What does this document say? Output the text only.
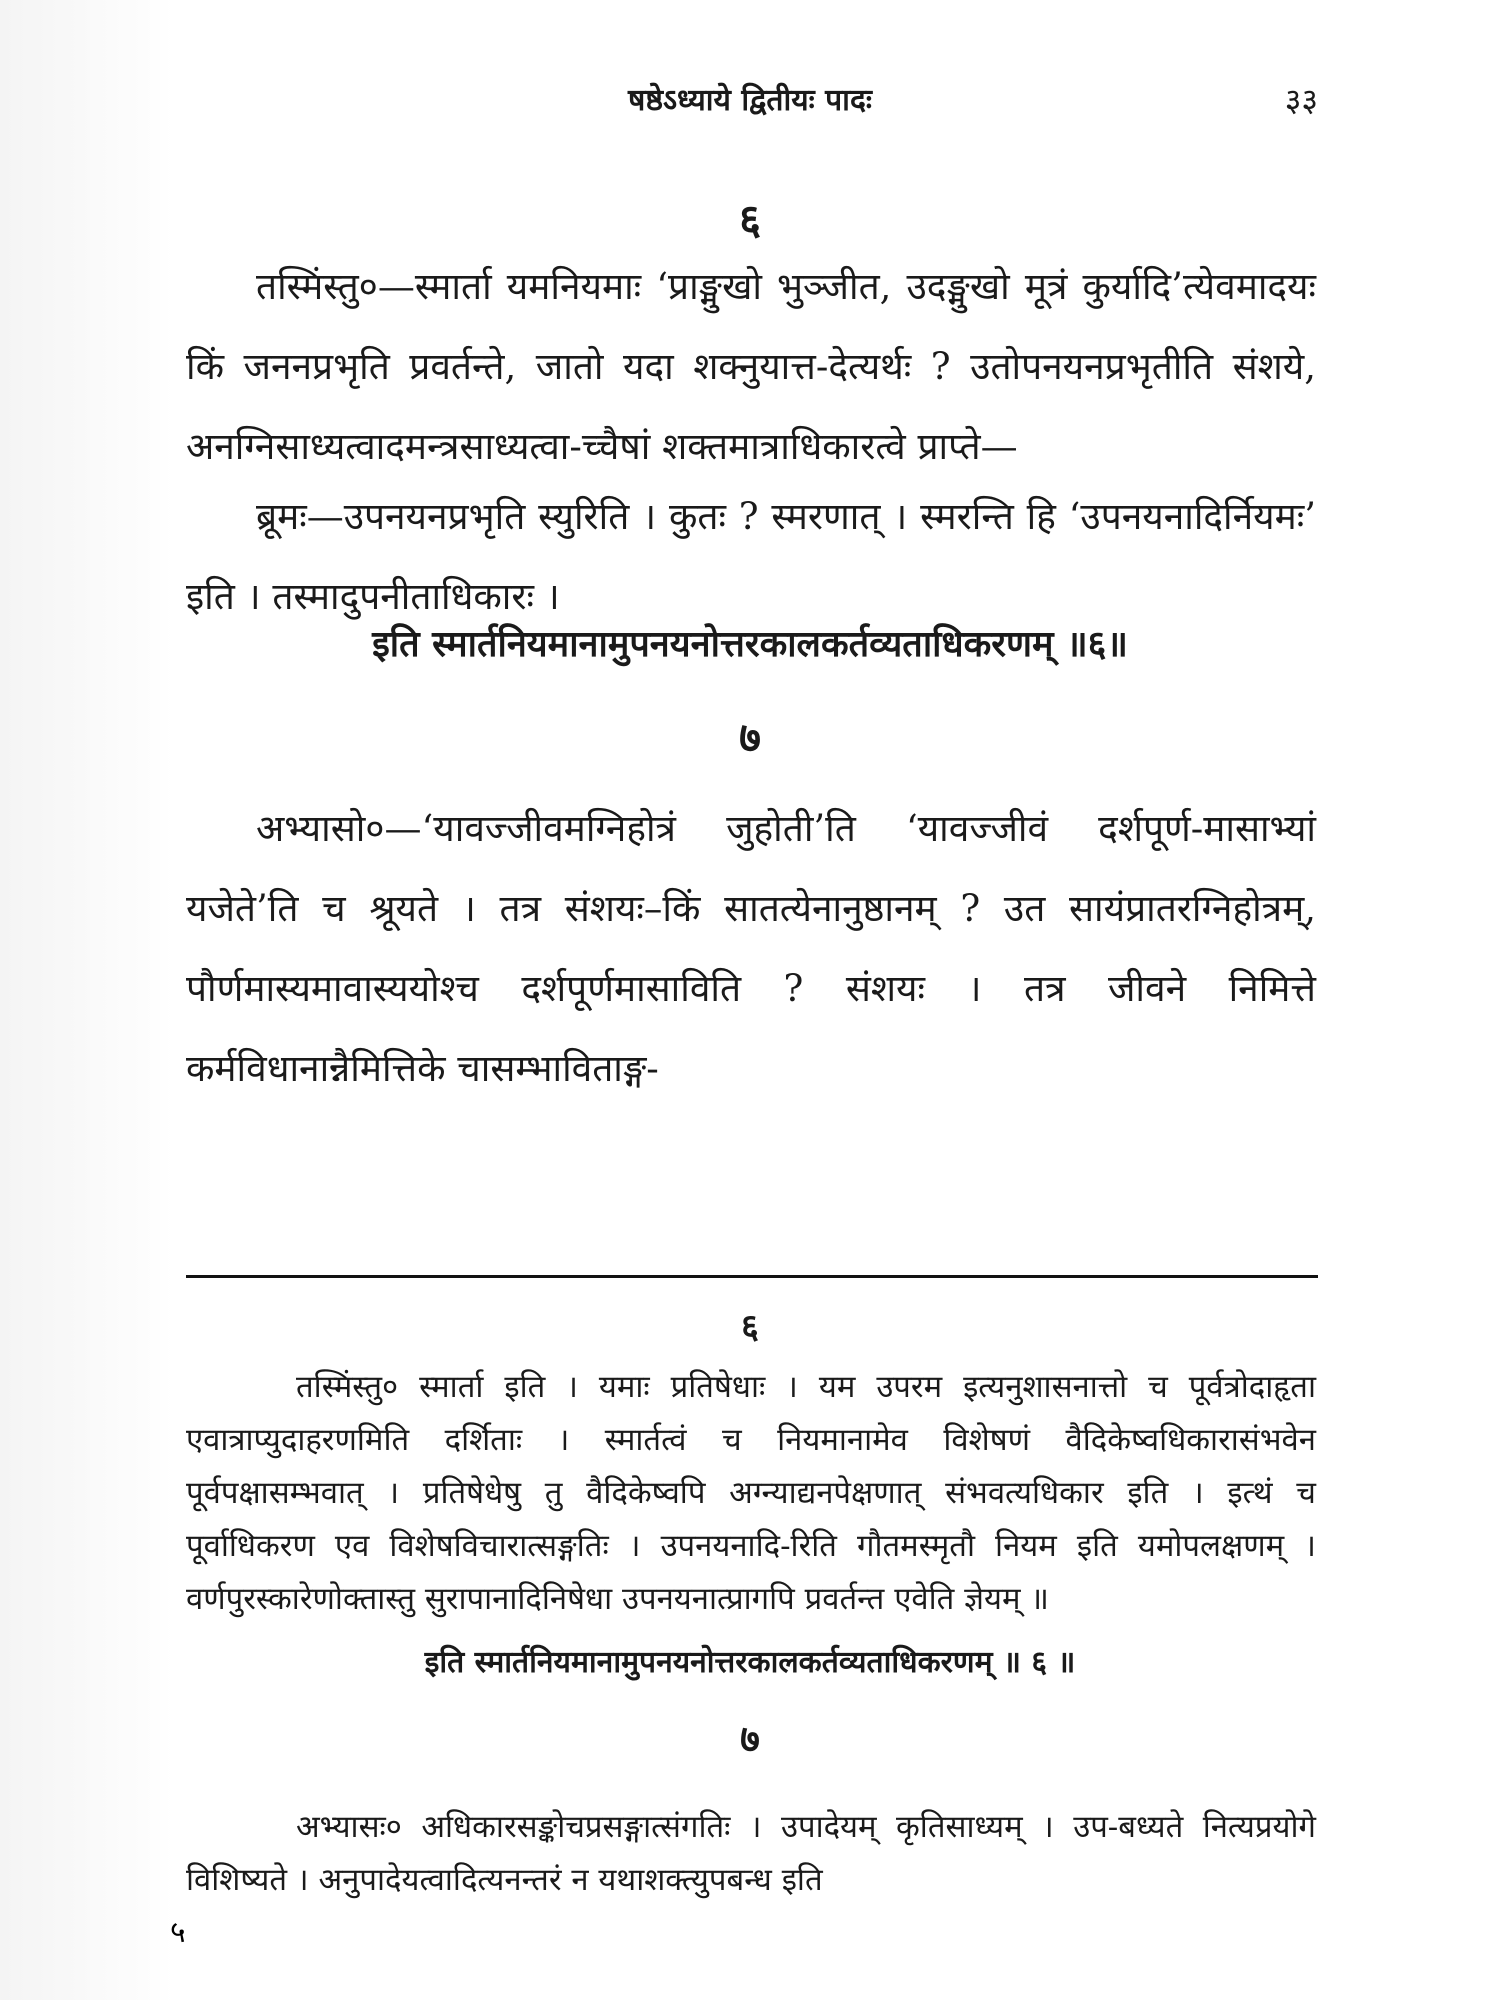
षष्ठेऽध्याये द्वितीयः पादः	३३
६

तस्मिंस्तु०—स्मार्ता यमनियमाः ‘प्राङ्मुखो भुञ्जीत, उदङ्मुखो मूत्रं कुर्यादि’त्येवमादयः किं जननप्रभृति प्रवर्तन्ते, जातो यदा शक्नुयात्त-देत्यर्थः ? उतोपनयनप्रभृतीति संशये, अनग्निसाध्यत्वादमन्त्रसाध्यत्वा-च्चैषां शक्तमात्राधिकारत्वे प्राप्ते—

ब्रूमः—उपनयनप्रभृति स्युरिति । कुतः ? स्मरणात् । स्मरन्ति हि ‘उपनयनादिर्नियमः’ इति । तस्मादुपनीताधिकारः ।

इति स्मार्तनियमानामुपनयनोत्तरकालकर्तव्यताधिकरणम् ॥६॥
७

अभ्यासो०—‘यावज्जीवमग्निहोत्रं जुहोती’ति ‘यावज्जीवं दर्शपूर्ण-मासाभ्यां यजेते’ति च श्रूयते । तत्र संशयः–किं सातत्येनानुष्ठानम् ? उत सायंप्रातरग्निहोत्रम्, पौर्णमास्यमावास्ययोश्च दर्शपूर्णमासाविति ? संशयः । तत्र जीवने निमित्ते कर्मविधानान्नैमित्तिके चासम्भाविताङ्ग-

६

तस्मिंस्तु० स्मार्ता इति । यमाः प्रतिषेधाः । यम उपरम इत्यनुशासनात्तो च पूर्वत्रोदाहृता एवात्राप्युदाहरणमिति दर्शिताः । स्मार्तत्वं च नियमानामेव विशेषणं वैदिकेष्वधिकारासंभवेन पूर्वपक्षासम्भवात् । प्रतिषेधेषु तु वैदिकेष्वपि अग्न्याद्यनपेक्षणात् संभवत्यधिकार इति । इत्थं च पूर्वाधिकरण एव विशेषविचारात्सङ्गतिः । उपनयनादि-रिति गौतमस्मृतौ नियम इति यमोपलक्षणम् । वर्णपुरस्कारेणोक्तास्तु सुरापानादिनिषेधा उपनयनात्प्रागपि प्रवर्तन्त एवेति ज्ञेयम् ॥

इति स्मार्तनियमानामुपनयनोत्तरकालकर्तव्यताधिकरणम् ॥ ६ ॥
७

अभ्यासः० अधिकारसङ्कोचप्रसङ्गात्संगतिः । उपादेयम् कृतिसाध्यम् । उप-बध्यते नित्यप्रयोगे विशिष्यते । अनुपादेयत्वादित्यनन्तरं न यथाशक्त्युपबन्ध इति

५
